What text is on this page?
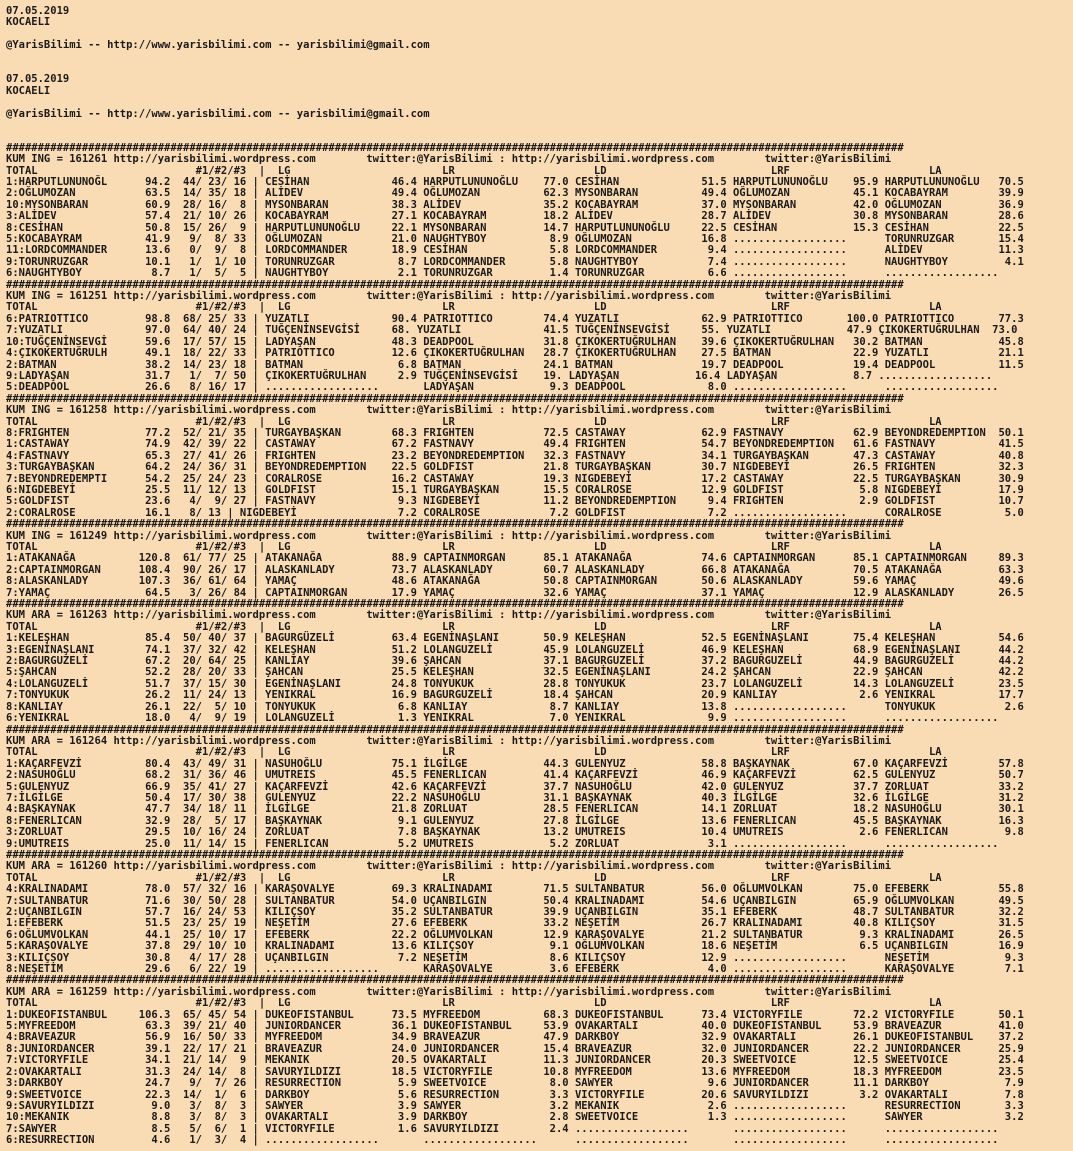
07.05.2019
KOCAELI
@YarisBilimi -- http://www.yarisbilimi.com -- yarisbilimi@gmail.com
07.05.2019
KOCAELI
@YarisBilimi -- http://www.yarisbilimi.com -- yarisbilimi@gmail.com
##############################################################################################################################################
KUM ING = 161261 http://yarisbilimi.wordpress.com        twitter:@YarisBilimi : http://yarisbilimi.wordpress.com        twitter:@YarisBilimi
TOTAL                         #1/#2/#3  |  LG                        LR                      LD                          LRF                      LA
1:HARPUTLUNUNOĞL      94.2  44/ 23/ 16 | CESİHAN             46.4 HARPUTLUNUNOĞLU    77.0 CESİHAN             51.5 HARPUTLUNUNOĞLU    95.9 HARPUTLUNUNOĞLU   70.5
2:OĞLUMOZAN           63.5  14/ 35/ 18 | ALİDEV              49.4 OĞLUMOZAN          62.3 MYSONBARAN          49.4 OĞLUMOZAN          45.1 KOCABAYRAM        39.9
10:MYSONBARAN         60.9  28/ 16/  8 | MYSONBARAN          38.3 ALİDEV             35.2 KOCABAYRAM          37.0 MYSONBARAN         42.0 OĞLUMOZAN         36.9
3:ALİDEV              57.4  21/ 10/ 26 | KOCABAYRAM          27.1 KOCABAYRAM         18.2 ALİDEV              28.7 ALİDEV             30.8 MYSONBARAN        28.6
8:CESİHAN             50.8  15/ 26/  9 | HARPUTLUNUNOĞLU     22.1 MYSONBARAN         14.7 HARPUTLUNUNOĞLU     22.5 CESİHAN            15.3 CESİHAN           22.5
5:KOCABAYRAM          41.9   9/  8/ 33 | OĞLUMOZAN           21.0 NAUGHTYBOY          8.9 OĞLUMOZAN           16.8 ..................      TORUNRUZGAR       15.4
11:LORDCOMMANDER      13.6   0/  9/  8 | LORDCOMMANDER       18.9 CESİHAN             5.8 LORDCOMMANDER        9.4 ..................      ALİDEV            11.3
9:TORUNRUZGAR         10.1   1/  1/ 10 | TORUNRUZGAR          8.7 LORDCOMMANDER       5.8 NAUGHTYBOY           7.4 ..................      NAUGHTYBOY         4.1
6:NAUGHTYBOY           8.7   1/  5/  5 | NAUGHTYBOY           2.1 TORUNRUZGAR         1.4 TORUNRUZGAR          6.6 ..................      ..................
##############################################################################################################################################
KUM ING = 161251 http://yarisbilimi.wordpress.com        twitter:@YarisBilimi : http://yarisbilimi.wordpress.com        twitter:@YarisBilimi
TOTAL                         #1/#2/#3  |  LG                        LR                      LD                          LRF                      LA
6:PATRIOTTICO         98.8  68/ 25/ 33 | YUZATLI             90.4 PATRIOTTICO        74.4 YUZATLI             62.9 PATRIOTTICO       100.0 PATRIOTTICO       77.3
7:YUZATLI             97.0  64/ 40/ 24 | TUĞÇENİNSEVGİSİ     68. YUZATLI             41.5 TUĞÇENİNSEVGİSİ     55. YUZATLI            47.9 ÇIKOKERTUĞRULHAN  73.0
10:TUĞÇENİNSEVGİ      59.6  17/ 57/ 15 | LADYAŞAN            48.3 DEADPOOL           31.8 ÇIKOKERTUĞRULHAN    39.6 ÇIKOKERTUĞRULHAN   30.2 BATMAN            45.8
4:ÇIKOKERTUĞRULH      49.1  18/ 22/ 33 | PATRIOTTICO         12.6 ÇIKOKERTUĞRULHAN   28.7 ÇIKOKERTUĞRULHAN    27.5 BATMAN             22.9 YUZATLI           21.1
2:BATMAN              38.2  14/ 23/ 18 | BATMAN               6.8 BATMAN             24.1 BATMAN              19.7 DEADPOOL           19.4 DEADPOOL          11.5
9:LADYAŞAN            31.7   1/  7/ 50 | ÇIKOKERTUĞRULHAN     2.9 TUĞÇENİNSEVGİSİ    19. LADYAŞAN            16.4 LADYAŞAN            8.7 ..................
5:DEADPOOL            26.6   8/ 16/ 17 | ..................       LADYAŞAN            9.3 DEADPOOL             8.0 ..................      ..................
##############################################################################################################################################
KUM ING = 161258 http://yarisbilimi.wordpress.com        twitter:@YarisBilimi : http://yarisbilimi.wordpress.com        twitter:@YarisBilimi
TOTAL                         #1/#2/#3  |  LG                        LR                      LD                          LRF                      LA
8:FRIGHTEN            77.2  52/ 21/ 35 | TURGAYBAŞKAN        68.3 FRIGHTEN           72.5 CASTAWAY            62.9 FASTNAVY           62.9 BEYONDREDEMPTION  50.1
1:CASTAWAY            74.9  42/ 39/ 22 | CASTAWAY            67.2 FASTNAVY           49.4 FRIGHTEN            54.7 BEYONDREDEMPTION   61.6 FASTNAVY          41.5
4:FASTNAVY            65.3  27/ 41/ 26 | FRIGHTEN            23.2 BEYONDREDEMPTION   32.3 FASTNAVY            34.1 TURGAYBAŞKAN       47.3 CASTAWAY          40.8
3:TURGAYBAŞKAN        64.2  24/ 36/ 31 | BEYONDREDEMPTION    22.5 GOLDFIST           21.8 TURGAYBAŞKAN        30.7 NIGDEBEYİ          26.5 FRIGHTEN          32.3
7:BEYONDREDEMPTI      54.2  25/ 24/ 23 | CORALROSE           16.2 CASTAWAY           19.3 NIGDEBEYİ           17.2 CASTAWAY           22.5 TURGAYBAŞKAN      30.9
6:NIGDEBEYİ           25.5  11/ 12/ 13 | GOLDFIST            15.1 TURGAYBAŞKAN       15.5 CORALROSE           12.9 GOLDFIST            5.8 NIGDEBEYİ         17.9
5:GOLDFIST            23.6   4/  9/ 27 | FASTNAVY             9.3 NIGDEBEYİ          11.2 BEYONDREDEMPTION     9.4 FRIGHTEN            2.9 GOLDFIST          10.7
2:CORALROSE           16.1   8/ 13 | NIGDEBEYİ                7.2 CORALROSE           7.2 GOLDFIST             7.2 ..................      CORALROSE          5.0
##############################################################################################################################################
KUM ING = 161249 http://yarisbilimi.wordpress.com        twitter:@YarisBilimi : http://yarisbilimi.wordpress.com        twitter:@YarisBilimi
TOTAL                         #1/#2/#3  |  LG                        LR                      LD                          LRF                      LA
1:ATAKANAĞA          120.8  61/ 77/ 25 | ATAKANAĞA           88.9 CAPTAINMORGAN      85.1 ATAKANAĞA           74.6 CAPTAINMORGAN      85.1 CAPTAINMORGAN     89.3
2:CAPTAINMORGAN      108.4  90/ 26/ 17 | ALASKANLADY         73.7 ALASKANLADY        60.7 ALASKANLADY         66.8 ATAKANAĞA          70.5 ATAKANAĞA         63.3
8:ALASKANLADY        107.3  36/ 61/ 64 | YAMAÇ               48.6 ATAKANAĞA          50.8 CAPTAINMORGAN       50.6 ALASKANLADY        59.6 YAMAÇ             49.6
7:YAMAÇ               64.5   3/ 26/ 84 | CAPTAINMORGAN       17.9 YAMAÇ              32.6 YAMAÇ               37.1 YAMAÇ              12.9 ALASKANLADY       26.5
##############################################################################################################################################
KUM ARA = 161263 http://yarisbilimi.wordpress.com        twitter:@YarisBilimi : http://yarisbilimi.wordpress.com        twitter:@YarisBilimi
TOTAL                         #1/#2/#3  |  LG                        LR                      LD                          LRF                      LA
1:KELEŞHAN            85.4  50/ 40/ 37 | BAGURGÜZELİ         63.4 EGENİNAŞLANI       50.9 KELEŞHAN            52.5 EGENİNAŞLANI       75.4 KELEŞHAN          54.6
3:EGENİNAŞLANI        74.1  37/ 32/ 42 | KELEŞHAN            51.2 LOLANGUZELİ        45.9 LOLANGUZELİ         46.9 KELEŞHAN           68.9 EGENİNAŞLANI      44.2
2:BAGURGUZELİ         67.2  20/ 64/ 25 | KANLIAY             39.6 ŞAHCAN             37.1 BAGURGUZELİ         37.2 BAGURGUZELİ        44.9 BAGURGUZELİ       44.2
5:ŞAHCAN              52.2  28/ 20/ 33 | ŞAHCAN              25.5 KELEŞHAN           32.5 EGENİNAŞLANI        24.2 ŞAHCAN             22.9 ŞAHCAN            42.2
4:LOLANGUZELİ         51.7  37/ 15/ 30 | EGENİNAŞLANI        24.8 TONYUKUK           28.8 TONYUKUK            23.7 LOLANGUZELİ        14.3 LOLANGUZELİ       23.5
7:TONYUKUK            26.2  11/ 24/ 13 | YENIKRAL            16.9 BAGURGUZELİ        18.4 ŞAHCAN              20.9 KANLIAY             2.6 YENIKRAL          17.7
8:KANLIAY             26.1  22/  5/ 10 | TONYUKUK             6.8 KANLIAY             8.7 KANLIAY             13.8 ..................      TONYUKUK           2.6
6:YENIKRAL            18.0   4/  9/ 19 | LOLANGUZELİ          1.3 YENIKRAL            7.0 YENIKRAL             9.9 ..................      ..................
##############################################################################################################################################
KUM ARA = 161264 http://yarisbilimi.wordpress.com        twitter:@YarisBilimi : http://yarisbilimi.wordpress.com        twitter:@YarisBilimi
TOTAL                         #1/#2/#3  |  LG                        LR                      LD                          LRF                      LA
1:KAÇARFEVZİ          80.4  43/ 49/ 31 | NASUHOĞLU           75.1 İLGİLGE            44.3 GULENYUZ            58.8 BAŞKAYNAK          67.0 KAÇARFEVZİ        57.8
2:NASUHOĞLU           68.2  31/ 36/ 46 | UMUTREIS            45.5 FENERLICAN         41.4 KAÇARFEVZİ          46.9 KAÇARFEVZİ         62.5 GULENYUZ          50.7
5:GULENYUZ            66.9  35/ 41/ 27 | KAÇARFEVZİ          42.6 KAÇARFEVZİ         37.7 NASUHOĞLU           42.0 GULENYUZ           37.7 ZORLUAT           33.2
7:İLGİLGE             50.4  17/ 30/ 38 | GULENYUZ            22.2 NASUHOĞLU          31.1 BAŞKAYNAK           40.3 İLGİLGE            32.6 İLGİLGE           31.2
4:BAŞKAYNAK           47.7  34/ 18/ 11 | İLGİLGE             21.8 ZORLUAT            28.5 FENERLICAN          14.1 ZORLUAT            18.2 NASUHOĞLU         30.1
8:FENERLICAN          32.9  28/  5/ 17 | BAŞKAYNAK            9.1 GULENYUZ           27.8 İLGİLGE             13.6 FENERLICAN         45.5 BAŞKAYNAK         16.3
3:ZORLUAT             29.5  10/ 16/ 24 | ZORLUAT              7.8 BAŞKAYNAK          13.2 UMUTREIS            10.4 UMUTREIS            2.6 FENERLICAN         9.8
9:UMUTREIS            25.0  11/ 14/ 15 | FENERLICAN           5.2 UMUTREIS            5.2 ZORLUAT              3.1 ..................      ..................
##############################################################################################################################################
KUM ARA = 161260 http://yarisbilimi.wordpress.com        twitter:@YarisBilimi : http://yarisbilimi.wordpress.com        twitter:@YarisBilimi
TOTAL                         #1/#2/#3  |  LG                        LR                      LD                          LRF                      LA
4:KRALINADAMI         78.0  57/ 32/ 16 | KARAŞOVALYE         69.3 KRALINADAMI        71.5 SULTANBATUR         56.0 OĞLUMVOLKAN        75.0 EFEBERK           55.8
7:SULTANBATUR         71.6  30/ 50/ 28 | SULTANBATUR         54.0 UÇANBILGIN         50.4 KRALINADAMI         54.6 UÇANBILGIN         65.9 OĞLUMVOLKAN       49.5
2:UÇANBILGIN          57.7  16/ 24/ 53 | KILIÇSOY            35.2 SULTANBATUR        39.9 UÇANBILGIN          35.1 EFEBERK            48.7 SULTANBATUR       32.2
1:EFEBERK             51.5  23/ 25/ 19 | NEŞETİM             27.6 EFEBERK            33.2 NEŞETİM             26.7 KRALINADAMI        40.8 KILIÇSOY          31.5
6:OĞLUMVOLKAN         44.1  25/ 10/ 17 | EFEBERK             22.2 OĞLUMVOLKAN        12.9 KARAŞOVALYE         21.2 SULTANBATUR         9.3 KRALINADAMI       26.5
5:KARAŞOVALYE         37.8  29/ 10/ 10 | KRALINADAMI         13.6 KILIÇSOY            9.1 OĞLUMVOLKAN         18.6 NEŞETİM             6.5 UÇANBILGIN        16.9
3:KILIÇSOY            30.8   4/ 17/ 28 | UÇANBILGIN           7.2 NEŞETİM             8.6 KILIÇSOY            12.9 ..................      NEŞETİM            9.3
8:NEŞETİM             29.6   6/ 22/ 19 | ..................       KARAŞOVALYE         3.6 EFEBERK              4.0 ..................      KARAŞOVALYE        7.1
##############################################################################################################################################
KUM ARA = 161259 http://yarisbilimi.wordpress.com        twitter:@YarisBilimi : http://yarisbilimi.wordpress.com        twitter:@YarisBilimi
TOTAL                         #1/#2/#3  |  LG                        LR                      LD                          LRF                      LA
1:DUKEOFISTANBUL     106.3  65/ 45/ 54 | DUKEOFISTANBUL      73.5 MYFREEDOM          68.3 DUKEOFISTANBUL      73.4 VICTORYFILE        72.2 VICTORYFILE       50.1
5:MYFREEDOM           63.3  39/ 21/ 40 | JUNIORDANCER        36.1 DUKEOFISTANBUL     53.9 OVAKARTALI          40.0 DUKEOFISTANBUL     53.9 BRAVEAZUR         41.0
4:BRAVEAZUR           56.9  16/ 50/ 33 | MYFREEDOM           34.9 BRAVEAZUR          47.9 DARKBOY             32.9 OVAKARTALI         26.1 DUKEOFISTANBUL    37.2
8:JUNIORDANCER        39.1  22/ 17/ 21 | BRAVEAZUR           24.0 JUNIORDANCER       15.4 BRAVEAZUR           32.0 JUNIORDANCER       22.2 JUNIORDANCER      25.9
7:VICTORYFILE         34.1  21/ 14/  9 | MEKANIK             20.5 OVAKARTALI         11.3 JUNIORDANCER        20.3 SWEETVOICE         12.5 SWEETVOICE        25.4
2:OVAKARTALI          31.3  24/ 14/  8 | SAVURYILDIZI        18.5 VICTORYFILE        10.8 MYFREEDOM           13.6 MYFREEDOM          18.3 MYFREEDOM         23.5
3:DARKBOY             24.7   9/  7/ 26 | RESURRECTION         5.9 SWEETVOICE          8.0 SAWYER               9.6 JUNIORDANCER       11.1 DARKBOY            7.9
9:SWEETVOICE          22.3  14/  1/  6 | DARKBOY              5.6 RESURRECTION        3.3 VICTORYFILE         20.6 SAVURYILDIZI        3.2 OVAKARTALI         7.8
9:SAVURYILDIZI         9.0   3/  8/  3 | SAWYER               3.9 SAWYER              3.2 MEKANIK              2.6 ..................      RESURRECTION       3.3
10:MEKANIK             8.8   3/  8/  3 | OVAKARTALI           3.9 DARKBOY             2.8 SWEETVOICE           1.3 ..................      SAWYER             3.2
7:SAWYER               8.5   5/  6/  1 | VICTORYFILE          1.6 SAVURYILDIZI        2.4 ..................       ..................      ..................
6:RESURRECTION         4.6   1/  3/  4 | ..................       ..................      ..................       ..................      ..................
